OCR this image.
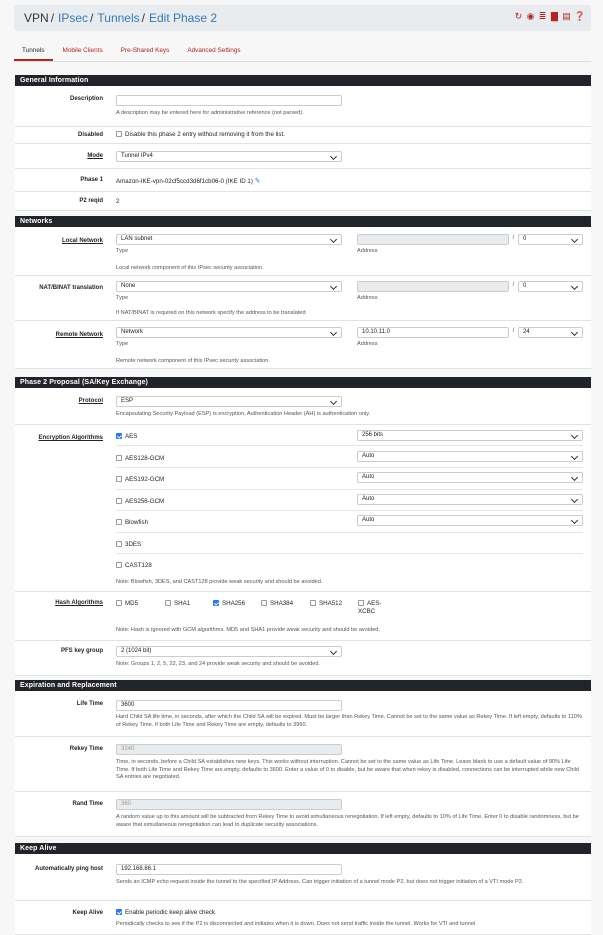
VPN / IPsec / Tunnels / Edit Phase 2	↻ ◉ ≣ ▇ ▤ ❓
Tunnels	Mobile Clients	Pre-Shared Keys	Advanced Settings
General Information
Description
A description may be entered here for administrative reference (not parsed).
Disabled	Disable this phase 2 entry without removing it from the list.
Mode	Tunnel IPv4
Phase 1 Amazon-IKE-vpn-02cf5ccd3d6f1cb06-0 (IKE ID 1) ✎
P2 reqid 2
Networks
Local Network	LAN subnet
Type
/	0
Address
Local network component of this IPsec security association.
NAT/BINAT translation	None
Type
/	0
Address
If NAT/BINAT is required on this network specify the address to be translated
Remote Network	Network
Type
10.10.11.0	/	24
Address
Remote network component of this IPsec security association.
Phase 2 Proposal (SA/Key Exchange)
Protocol	ESP
Encapsulating Security Payload (ESP) is encryption, Authentication Header (AH) is authentication only.
Encryption Algorithms	AES	256 bits
AES128-GCM	Auto
AES192-GCM	Auto
AES256-GCM	Auto
Blowfish	Auto
3DES
CAST128
Note: Blowfish, 3DES, and CAST128 provide weak security and should be avoided.
Hash Algorithms	MD5	SHA1	SHA256	SHA384	SHA512	AES-XCBC
Note: Hash is ignored with GCM algorithms. MD5 and SHA1 provide weak security and should be avoided.
PFS key group	2 (1024 bit)
Note: Groups 1, 2, 5, 22, 23, and 24 provide weak security and should be avoided.
Expiration and Replacement
Life Time	3600
Hard Child SA life time, in seconds, after which the Child SA will be expired. Must be larger than Rekey Time. Cannot be set to the same value as Rekey Time. If left empty, defaults to 110% of Rekey Time. If both Life Time and Rekey Time are empty, defaults to 3960.
Rekey Time	3240
Time, in seconds, before a Child SA establishes new keys. This works without interruption. Cannot be set to the same value as Life Time. Leave blank to use a default value of 90% Life Time. If both Life Time and Rekey Time are empty, defaults to 3600. Enter a value of 0 to disable, but be aware that when rekey is disabled, connections can be interrupted while new Child SA entries are negotiated.
Rand Time	360
A random value up to this amount will be subtracted from Rekey Time to avoid simultaneous renegotiation. If left empty, defaults to 10% of Life Time. Enter 0 to disable randomness, but be aware that simultaneous renegotiation can lead to duplicate security associations.
Keep Alive
Automatically ping host	192.168.86.1
Sends an ICMP echo request inside the tunnel to the specified IP Address. Can trigger initiation of a tunnel mode P2, but does not trigger initiation of a VTI mode P2.
Keep Alive	Enable periodic keep alive check
Periodically checks to see if the P2 is disconnected and initiates when it is down. Does not send traffic inside the tunnel. Works for VTI and tunnel
